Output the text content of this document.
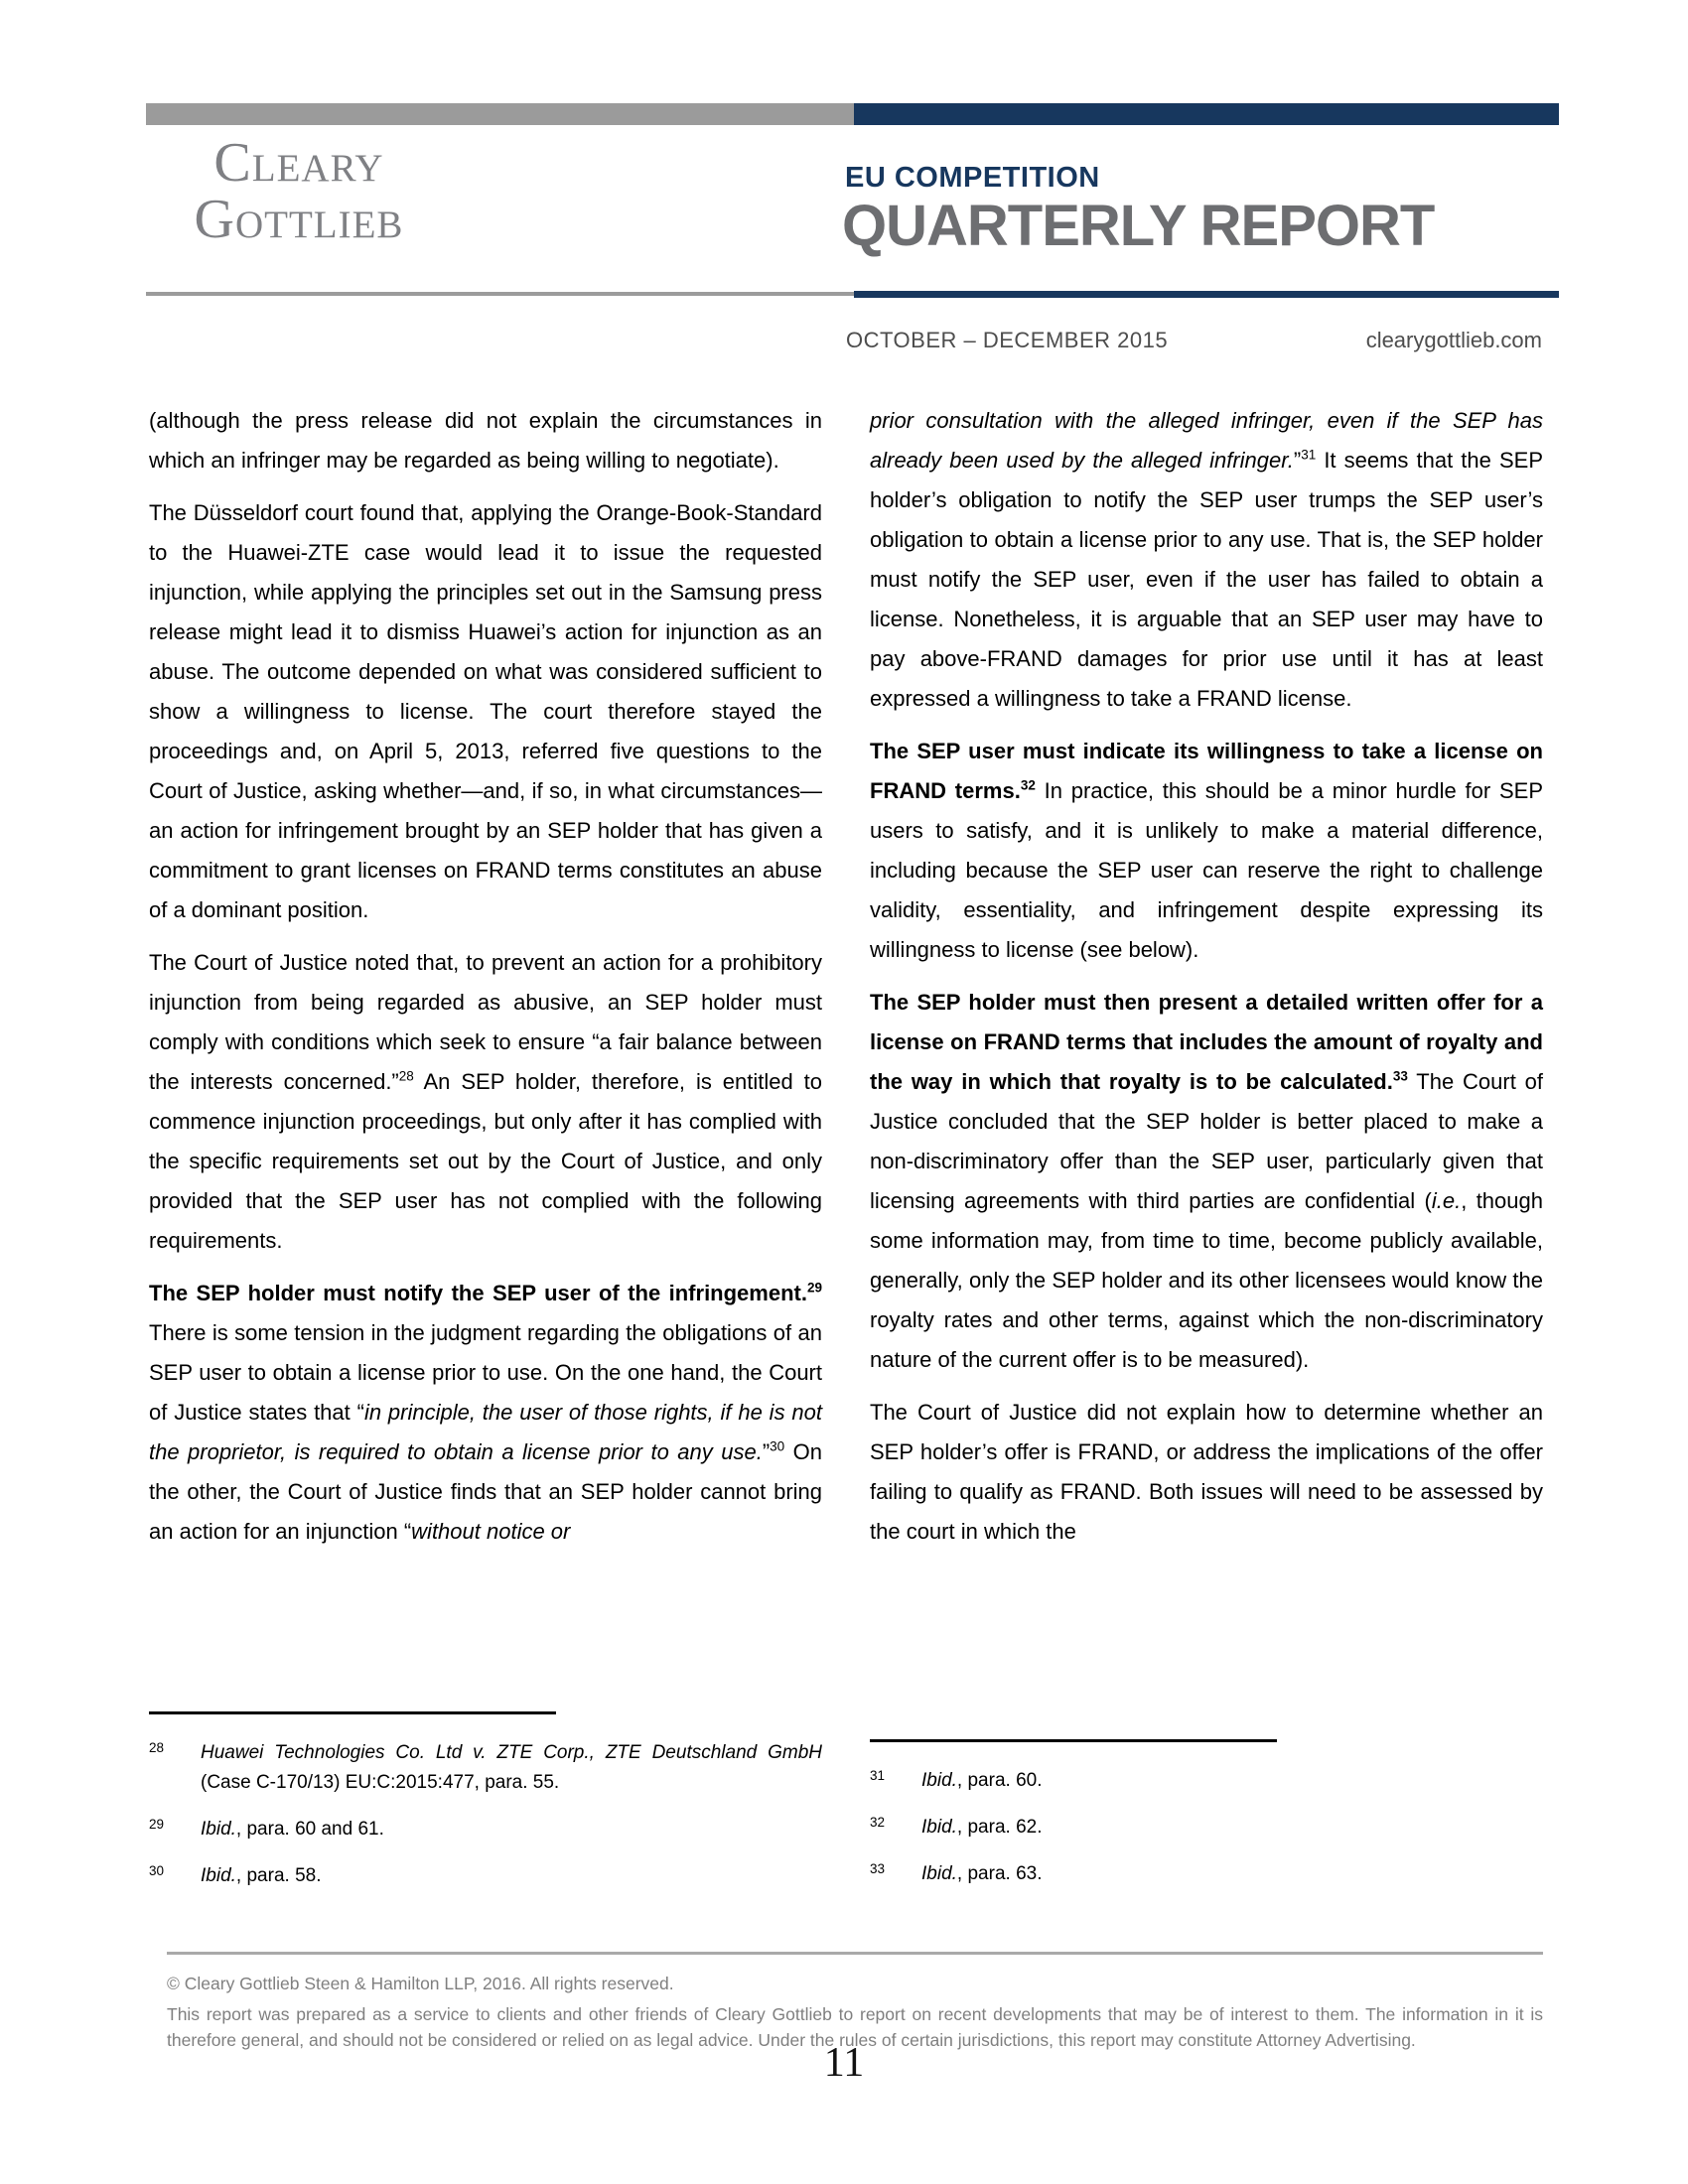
Cleary
Gottlieb
EU COMPETITION
QUARTERLY REPORT
OCTOBER – DECEMBER 2015	clearygottlieb.com

(although the press release did not explain the circumstances in which an infringer may be regarded as being willing to negotiate).

The Düsseldorf court found that, applying the Orange-Book-Standard to the Huawei-ZTE case would lead it to issue the requested injunction, while applying the principles set out in the Samsung press release might lead it to dismiss Huawei’s action for injunction as an abuse. The outcome depended on what was considered sufficient to show a willingness to license. The court therefore stayed the proceedings and, on April 5, 2013, referred five questions to the Court of Justice, asking whether—and, if so, in what circumstances—an action for infringement brought by an SEP holder that has given a commitment to grant licenses on FRAND terms constitutes an abuse of a dominant position.

The Court of Justice noted that, to prevent an action for a prohibitory injunction from being regarded as abusive, an SEP holder must comply with conditions which seek to ensure “a fair balance between the interests concerned.”$^{28}$ An SEP holder, therefore, is entitled to commence injunction proceedings, but only after it has complied with the specific requirements set out by the Court of Justice, and only provided that the SEP user has not complied with the following requirements.

The SEP holder must notify the SEP user of the infringement.$^{29}$ There is some tension in the judgment regarding the obligations of an SEP user to obtain a license prior to use. On the one hand, the Court of Justice states that “in principle, the user of those rights, if he is not the proprietor, is required to obtain a license prior to any use.”$^{30}$ On the other, the Court of Justice finds that an SEP holder cannot bring an action for an injunction “without notice or

prior consultation with the alleged infringer, even if the SEP has already been used by the alleged infringer.”$^{31}$ It seems that the SEP holder’s obligation to notify the SEP user trumps the SEP user’s obligation to obtain a license prior to any use. That is, the SEP holder must notify the SEP user, even if the user has failed to obtain a license. Nonetheless, it is arguable that an SEP user may have to pay above-FRAND damages for prior use until it has at least expressed a willingness to take a FRAND license.

The SEP user must indicate its willingness to take a license on FRAND terms.$^{32}$ In practice, this should be a minor hurdle for SEP users to satisfy, and it is unlikely to make a material difference, including because the SEP user can reserve the right to challenge validity, essentiality, and infringement despite expressing its willingness to license (see below).

The SEP holder must then present a detailed written offer for a license on FRAND terms that includes the amount of royalty and the way in which that royalty is to be calculated.$^{33}$ The Court of Justice concluded that the SEP holder is better placed to make a non-discriminatory offer than the SEP user, particularly given that licensing agreements with third parties are confidential (i.e., though some information may, from time to time, become publicly available, generally, only the SEP holder and its other licensees would know the royalty rates and other terms, against which the non-discriminatory nature of the current offer is to be measured).

The Court of Justice did not explain how to determine whether an SEP holder’s offer is FRAND, or address the implications of the offer failing to qualify as FRAND. Both issues will need to be assessed by the court in which the

28 Huawei Technologies Co. Ltd v. ZTE Corp., ZTE Deutschland GmbH (Case C-170/13) EU:C:2015:477, para. 55.
29 Ibid., para. 60 and 61.
30 Ibid., para. 58.
31 Ibid., para. 60.
32 Ibid., para. 62.
33 Ibid., para. 63.
© Cleary Gottlieb Steen & Hamilton LLP, 2016. All rights reserved.
This report was prepared as a service to clients and other friends of Cleary Gottlieb to report on recent developments that may be of interest to them. The information in it is therefore general, and should not be considered or relied on as legal advice. Under the rules of certain jurisdictions, this report may constitute Attorney Advertising.
11
